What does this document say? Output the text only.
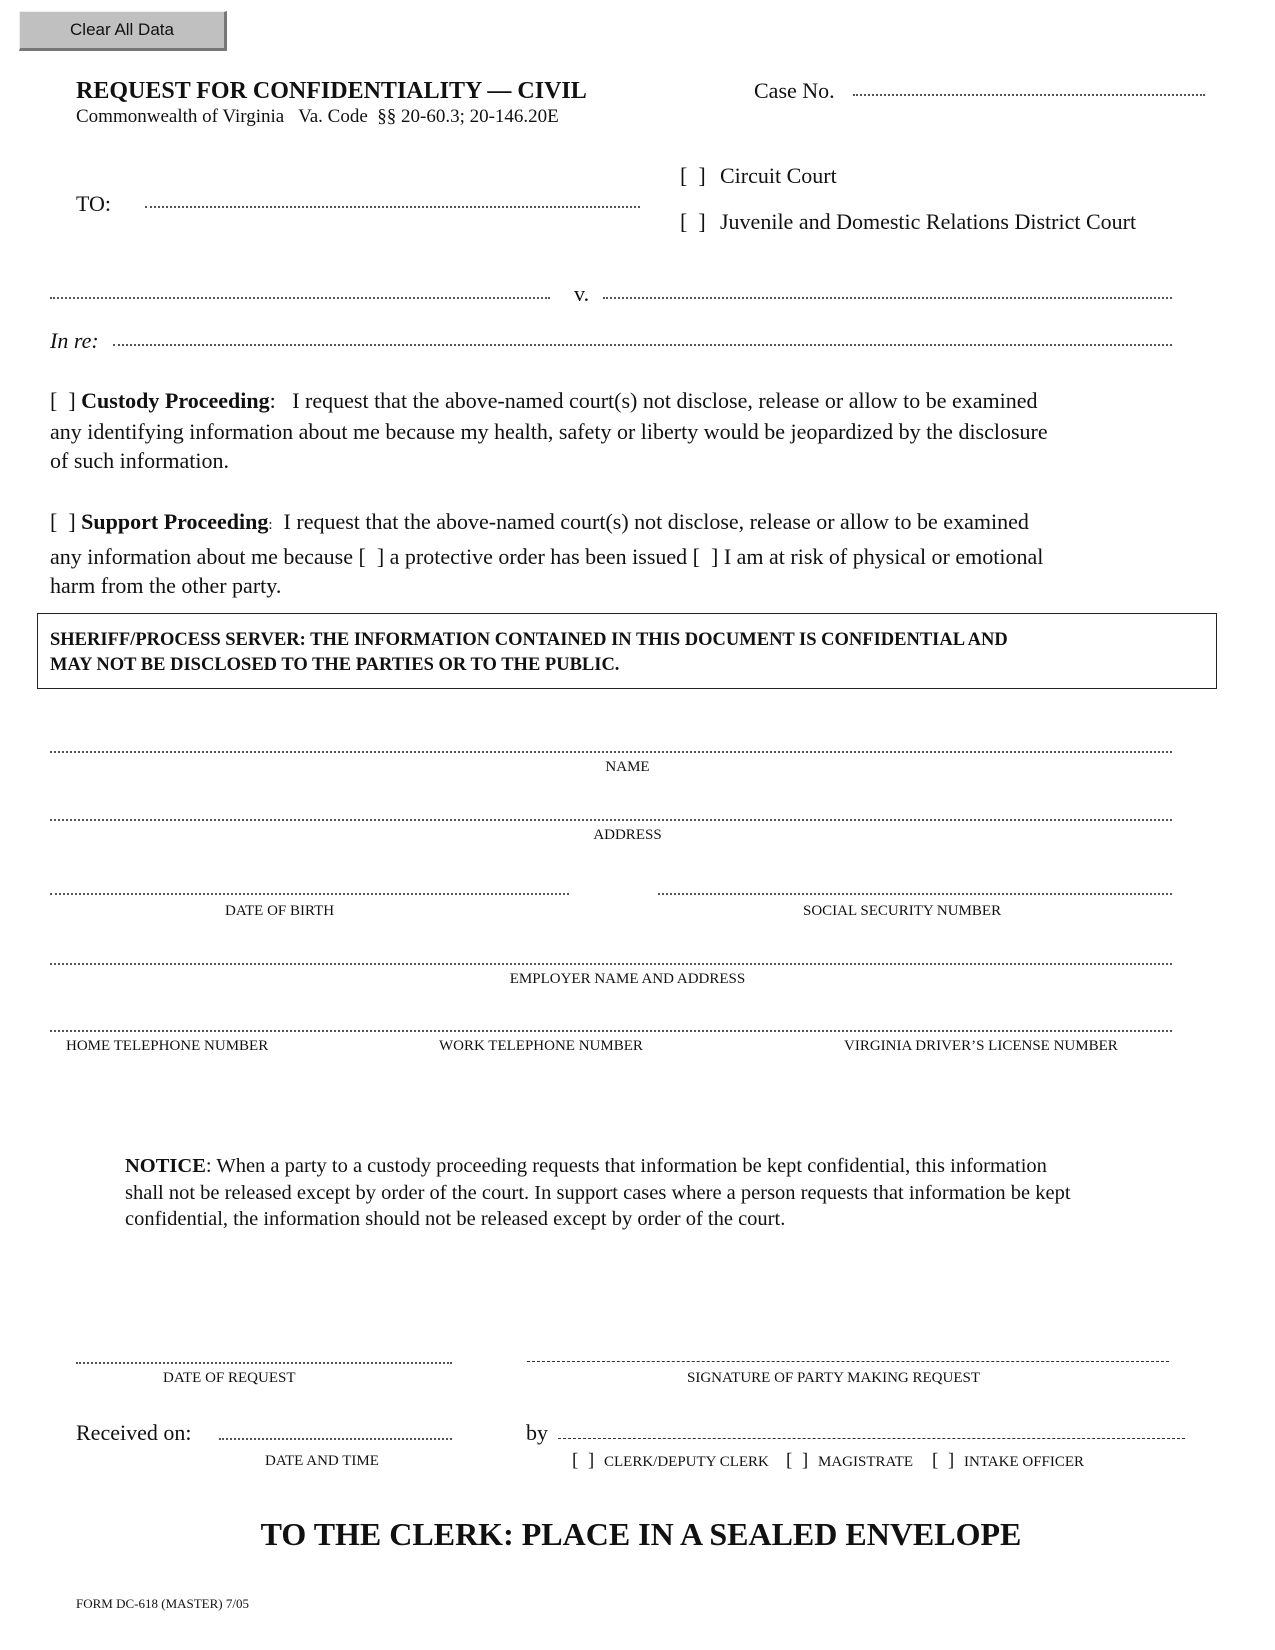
Clear All Data
REQUEST FOR CONFIDENTIALITY — CIVIL
Commonwealth of Virginia   Va. Code  §§ 20-60.3; 20-146.20E
Case No.
TO:
[  ] Circuit Court
[  ] Juvenile and Domestic Relations District Court
v.
In re:
[  ] Custody Proceeding:   I request that the above-named court(s) not disclose, release or allow to be examined
any identifying information about me because my health, safety or liberty would be jeopardized by the disclosure
of such information.
[  ] Support Proceeding:  I request that the above-named court(s) not disclose, release or allow to be examined
any information about me because [  ] a protective order has been issued [  ] I am at risk of physical or emotional
harm from the other party.
SHERIFF/PROCESS SERVER: THE INFORMATION CONTAINED IN THIS DOCUMENT IS CONFIDENTIAL AND
MAY NOT BE DISCLOSED TO THE PARTIES OR TO THE PUBLIC.
NAME
ADDRESS
DATE OF BIRTH	SOCIAL SECURITY NUMBER
EMPLOYER NAME AND ADDRESS
HOME TELEPHONE NUMBER	WORK TELEPHONE NUMBER	VIRGINIA DRIVER’S LICENSE NUMBER
NOTICE: When a party to a custody proceeding requests that information be kept confidential, this information
shall not be released except by order of the court. In support cases where a person requests that information be kept
confidential, the information should not be released except by order of the court.
DATE OF REQUEST	SIGNATURE OF PARTY MAKING REQUEST
Received on:
DATE AND TIME
by
[  ] CLERK/DEPUTY CLERK [  ] MAGISTRATE [  ] INTAKE OFFICER
TO THE CLERK: PLACE IN A SEALED ENVELOPE
FORM DC-618 (MASTER) 7/05
